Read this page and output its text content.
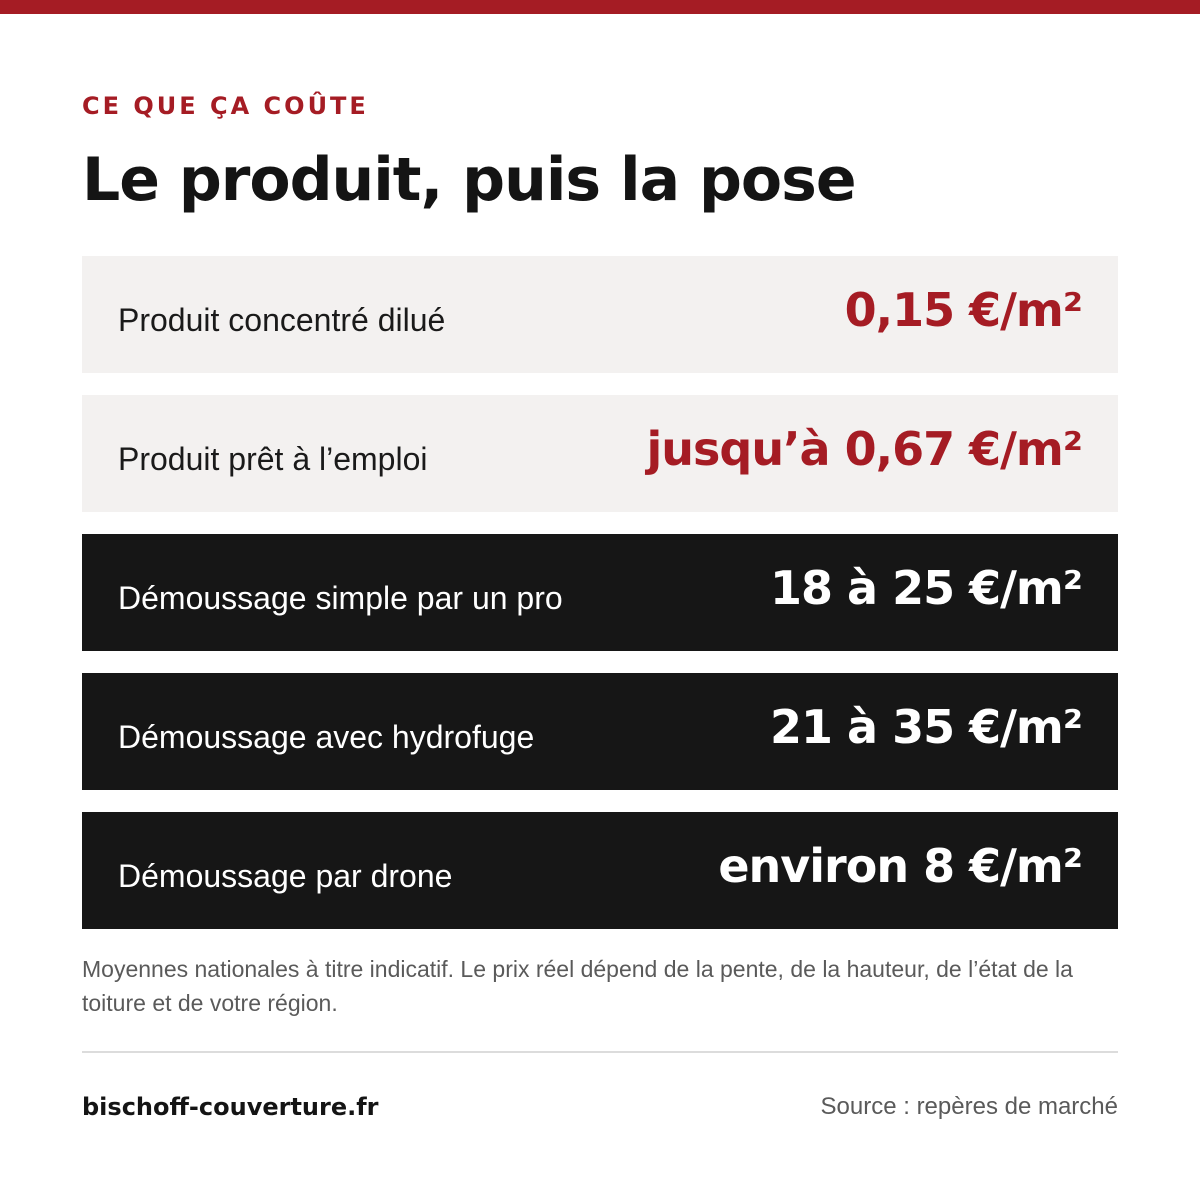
CE QUE ÇA COÛTE
Le produit, puis la pose
Produit concentré dilué	0,15 €/m²
Produit prêt à l’emploi	jusqu’à 0,67 €/m²
Démoussage simple par un pro	18 à 25 €/m²
Démoussage avec hydrofuge	21 à 35 €/m²
Démoussage par drone	environ 8 €/m²
Moyennes nationales à titre indicatif. Le prix réel dépend de la pente, de la hauteur, de l’état de la toiture et de votre région.
bischoff-couverture.fr	Source : repères de marché
